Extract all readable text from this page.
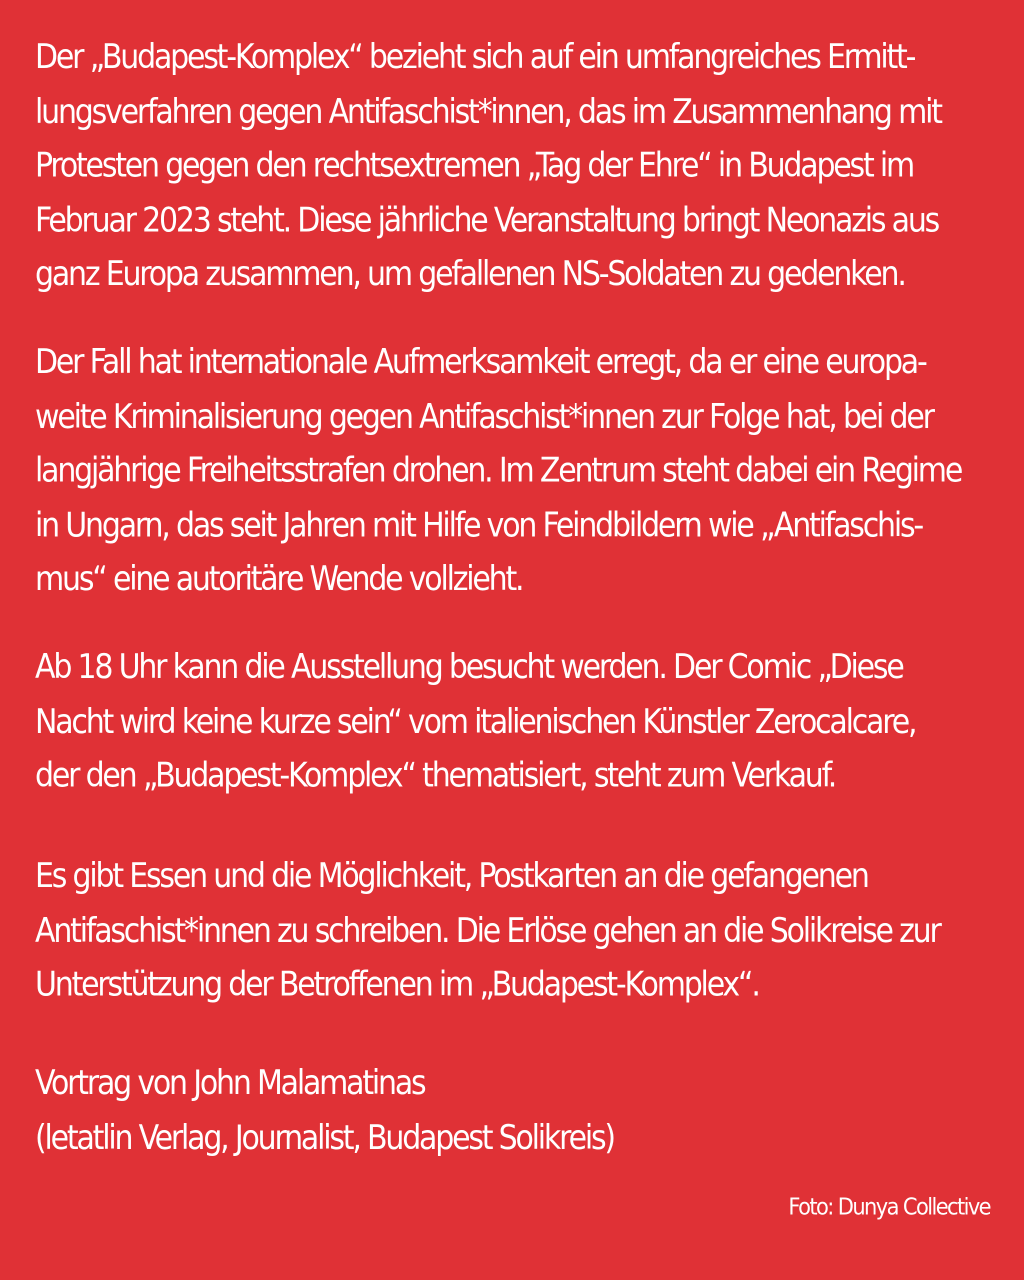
Der „Budapest-Komplex“ bezieht sich auf ein umfangreiches Ermitt-
lungsverfahren gegen Antifaschist*innen, das im Zusammenhang mit
Protesten gegen den rechtsextremen „Tag der Ehre“ in Budapest im
Februar 2023 steht. Diese jährliche Veranstaltung bringt Neonazis aus
ganz Europa zusammen, um gefallenen NS-Soldaten zu gedenken.
Der Fall hat internationale Aufmerksamkeit erregt, da er eine europa-
weite Kriminalisierung gegen Antifaschist*innen zur Folge hat, bei der
langjährige Freiheitsstrafen drohen. Im Zentrum steht dabei ein Regime
in Ungarn, das seit Jahren mit Hilfe von Feindbildern wie „Antifaschis-
mus“ eine autoritäre Wende vollzieht.
Ab 18 Uhr kann die Ausstellung besucht werden. Der Comic „Diese
Nacht wird keine kurze sein“ vom italienischen Künstler Zerocalcare,
der den „Budapest-Komplex“ thematisiert, steht zum Verkauf.
Es gibt Essen und die Möglichkeit, Postkarten an die gefangenen
Antifaschist*innen zu schreiben. Die Erlöse gehen an die Solikreise zur
Unterstützung der Betroffenen im „Budapest-Komplex“.
Vortrag von John Malamatinas
(letatlin Verlag, Journalist, Budapest Solikreis)
Foto: Dunya Collective
